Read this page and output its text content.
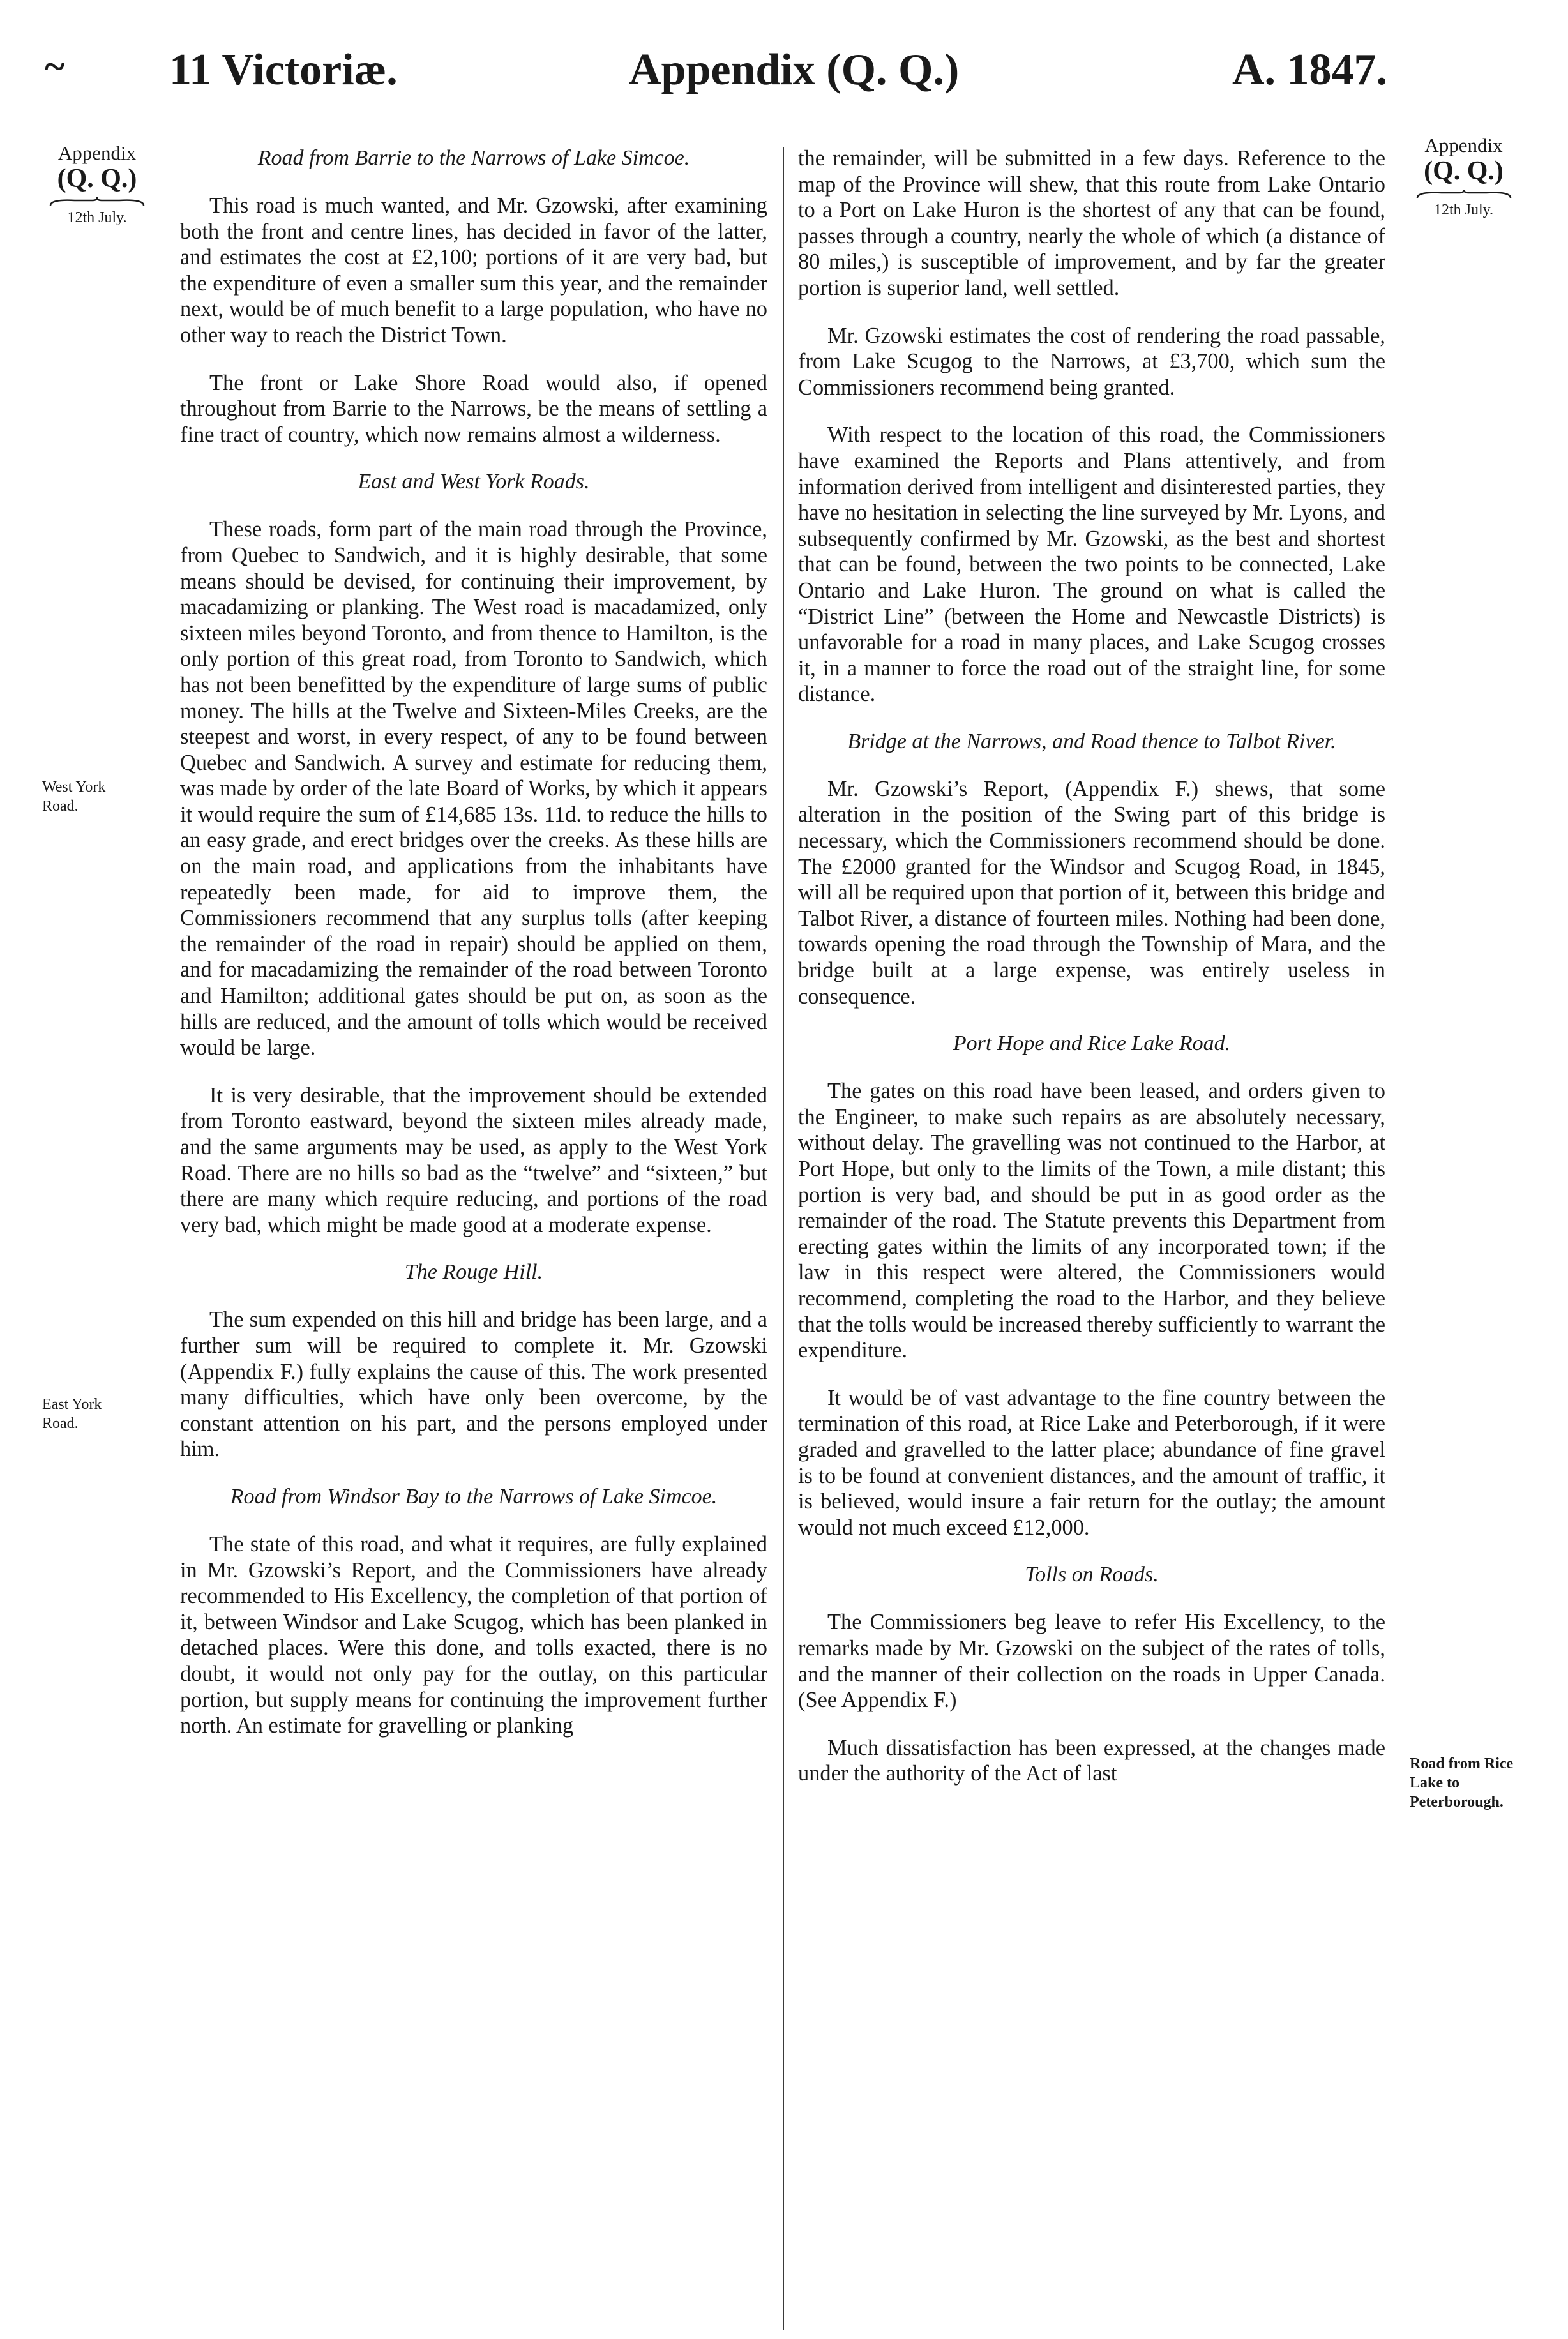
~ 11 Victoriæ.	Appendix (Q. Q.)	A. 1847.
Appendix
(Q. Q.)
12th July.
West York Road.
East York Road.
Appendix
(Q. Q.)
12th July.
Road from Rice Lake to Peterborough.
Road from Barrie to the Narrows of Lake Simcoe.

This road is much wanted, and Mr. Gzowski, after examining both the front and centre lines, has decided in favor of the latter, and estimates the cost at £2,100; portions of it are very bad, but the expenditure of even a smaller sum this year, and the remainder next, would be of much benefit to a large population, who have no other way to reach the District Town.

The front or Lake Shore Road would also, if opened throughout from Barrie to the Narrows, be the means of settling a fine tract of country, which now remains almost a wilderness.

East and West York Roads.

These roads, form part of the main road through the Province, from Quebec to Sandwich, and it is highly desirable, that some means should be devised, for continuing their improvement, by macadamizing or planking. The West road is macadamized, only sixteen miles beyond Toronto, and from thence to Hamilton, is the only portion of this great road, from Toronto to Sandwich, which has not been benefitted by the expenditure of large sums of public money. The hills at the Twelve and Sixteen-Miles Creeks, are the steepest and worst, in every respect, of any to be found between Quebec and Sandwich. A survey and estimate for reducing them, was made by order of the late Board of Works, by which it appears it would require the sum of £14,685 13s. 11d. to reduce the hills to an easy grade, and erect bridges over the creeks. As these hills are on the main road, and applications from the inhabitants have repeatedly been made, for aid to improve them, the Commissioners recommend that any surplus tolls (after keeping the remainder of the road in repair) should be applied on them, and for macadamizing the remainder of the road between Toronto and Hamilton; additional gates should be put on, as soon as the hills are reduced, and the amount of tolls which would be received would be large.

It is very desirable, that the improvement should be extended from Toronto eastward, beyond the sixteen miles already made, and the same arguments may be used, as apply to the West York Road. There are no hills so bad as the “twelve” and “sixteen,” but there are many which require reducing, and portions of the road very bad, which might be made good at a moderate expense.

The Rouge Hill.

The sum expended on this hill and bridge has been large, and a further sum will be required to complete it. Mr. Gzowski (Appendix F.) fully explains the cause of this. The work presented many difficulties, which have only been overcome, by the constant attention on his part, and the persons employed under him.

Road from Windsor Bay to the Narrows of Lake Simcoe.

The state of this road, and what it requires, are fully explained in Mr. Gzowski’s Report, and the Commissioners have already recommended to His Excellency, the completion of that portion of it, between Windsor and Lake Scugog, which has been planked in detached places. Were this done, and tolls exacted, there is no doubt, it would not only pay for the outlay, on this particular portion, but supply means for continuing the improvement further north. An estimate for gravelling or planking

the remainder, will be submitted in a few days. Reference to the map of the Province will shew, that this route from Lake Ontario to a Port on Lake Huron is the shortest of any that can be found, passes through a country, nearly the whole of which (a distance of 80 miles,) is susceptible of improvement, and by far the greater portion is superior land, well settled.

Mr. Gzowski estimates the cost of rendering the road passable, from Lake Scugog to the Narrows, at £3,700, which sum the Commissioners recommend being granted.

With respect to the location of this road, the Commissioners have examined the Reports and Plans attentively, and from information derived from intelligent and disinterested parties, they have no hesitation in selecting the line surveyed by Mr. Lyons, and subsequently confirmed by Mr. Gzowski, as the best and shortest that can be found, between the two points to be connected, Lake Ontario and Lake Huron. The ground on what is called the “District Line” (between the Home and Newcastle Districts) is unfavorable for a road in many places, and Lake Scugog crosses it, in a manner to force the road out of the straight line, for some distance.

Bridge at the Narrows, and Road thence to Talbot River.

Mr. Gzowski’s Report, (Appendix F.) shews, that some alteration in the position of the Swing part of this bridge is necessary, which the Commissioners recommend should be done. The £2000 granted for the Windsor and Scugog Road, in 1845, will all be required upon that portion of it, between this bridge and Talbot River, a distance of fourteen miles. Nothing had been done, towards opening the road through the Township of Mara, and the bridge built at a large expense, was entirely useless in consequence.

Port Hope and Rice Lake Road.

The gates on this road have been leased, and orders given to the Engineer, to make such repairs as are absolutely necessary, without delay. The gravelling was not continued to the Harbor, at Port Hope, but only to the limits of the Town, a mile distant; this portion is very bad, and should be put in as good order as the remainder of the road. The Statute prevents this Department from erecting gates within the limits of any incorporated town; if the law in this respect were altered, the Commissioners would recommend, completing the road to the Harbor, and they believe that the tolls would be increased thereby sufficiently to warrant the expenditure.

It would be of vast advantage to the fine country between the termination of this road, at Rice Lake and Peterborough, if it were graded and gravelled to the latter place; abundance of fine gravel is to be found at convenient distances, and the amount of traffic, it is believed, would insure a fair return for the outlay; the amount would not much exceed £12,000.

Tolls on Roads.

The Commissioners beg leave to refer His Excellency, to the remarks made by Mr. Gzowski on the subject of the rates of tolls, and the manner of their collection on the roads in Upper Canada. (See Appendix F.)

Much dissatisfaction has been expressed, at the changes made under the authority of the Act of last
